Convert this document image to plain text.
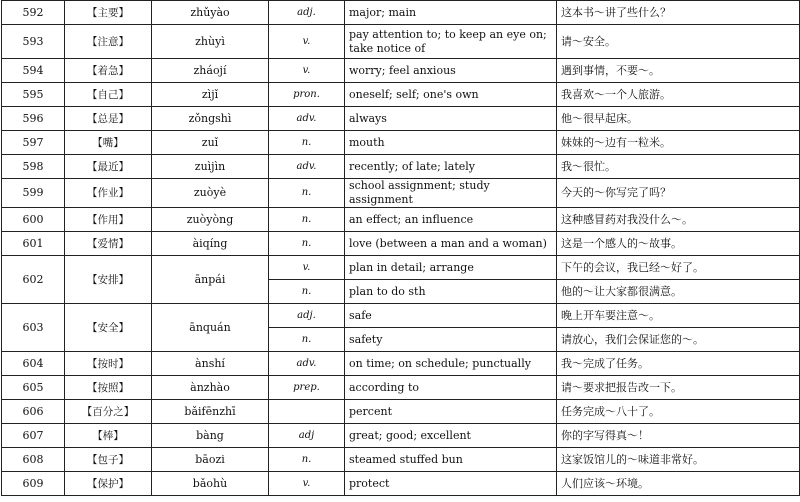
592	【主要】	zhǔyào	adj.	major; main	这本书～讲了些什么？
593	【注意】	zhùyì	v.	pay attention to; to keep an eye on; take notice of	请～安全。
594	【着急】	zháojí	v.	worry; feel anxious	遇到事情，不要～。
595	【自己】	zìjǐ	pron.	oneself; self; one's own	我喜欢～一个人旅游。
596	【总是】	zǒngshì	adv.	always	他～很早起床。
597	【嘴】	zuǐ	n.	mouth	妹妹的～边有一粒米。
598	【最近】	zuìjìn	adv.	recently; of late; lately	我～很忙。
599	【作业】	zuòyè	n.	school assignment; study assignment	今天的～你写完了吗？
600	【作用】	zuòyòng	n.	an effect; an influence	这种感冒药对我没什么～。
601	【爱情】	àiqíng	n.	love (between a man and a woman)	这是一个感人的～故事。
602	【安排】	ānpái	v.	plan in detail; arrange	下午的会议，我已经～好了。
			n.	plan to do sth	他的～让大家都很满意。
603	【安全】	ānquán	adj.	safe	晚上开车要注意～。
			n.	safety	请放心，我们会保证您的～。
604	【按时】	ànshí	adv.	on time; on schedule; punctually	我～完成了任务。
605	【按照】	ànzhào	prep.	according to	请～要求把报告改一下。
606	【百分之】	bǎifēnzhī		percent	任务完成～八十了。
607	【棒】	bàng	adj	great; good; excellent	你的字写得真～！
608	【包子】	bāozi	n.	steamed stuffed bun	这家饭馆儿的～味道非常好。
609	【保护】	bǎohù	v.	protect	人们应该～环境。
